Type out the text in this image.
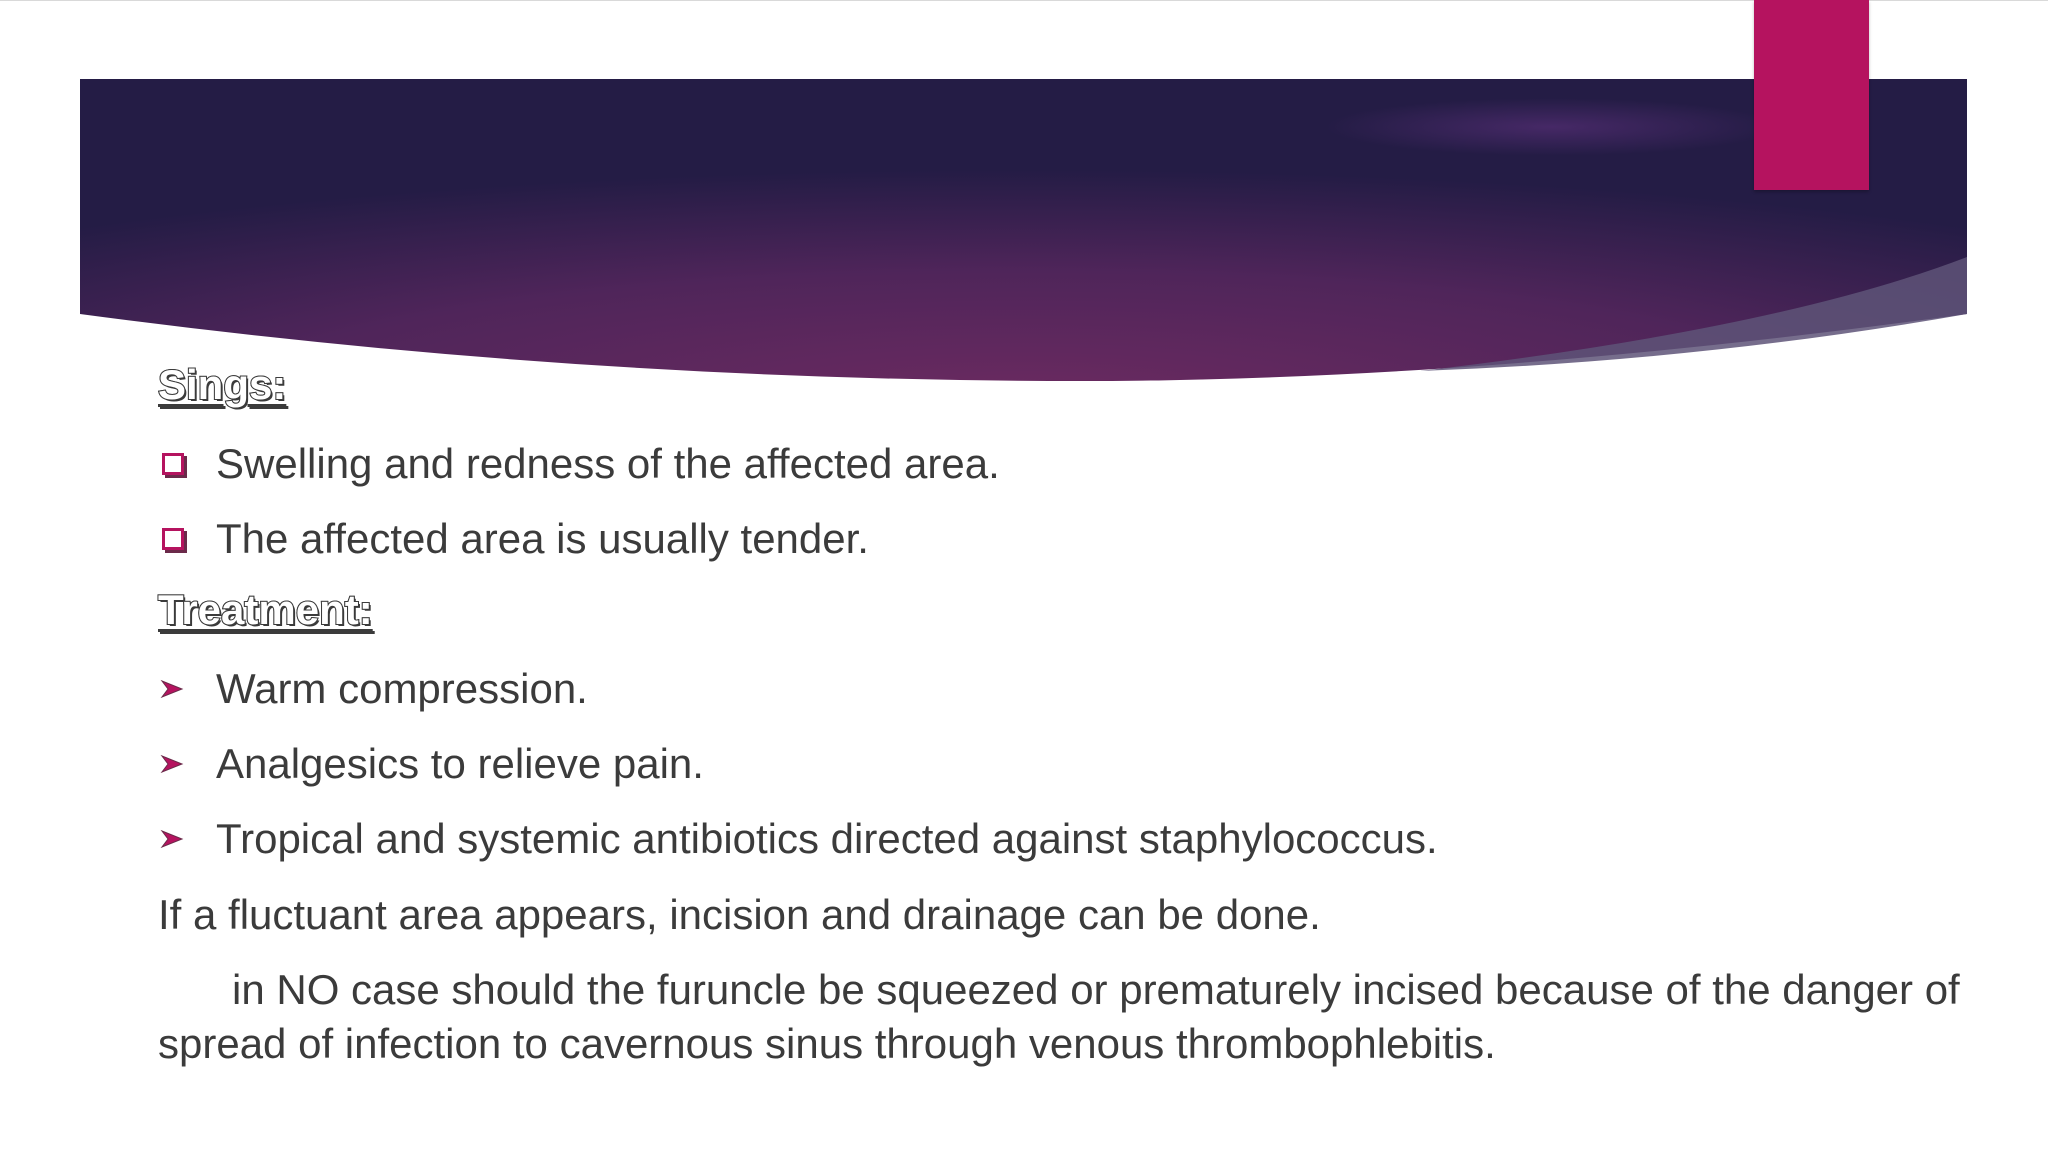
Sings:
Swelling and redness of the affected area.
The affected area is usually tender.
Treatment:
Warm compression.
Analgesics to relieve pain.
Tropical and systemic antibiotics directed against staphylococcus.

If a fluctuant area appears, incision and drainage can be done.

in NO case should the furuncle be squeezed or prematurely incised because of the danger of spread of infection to cavernous sinus through venous thrombophlebitis.
